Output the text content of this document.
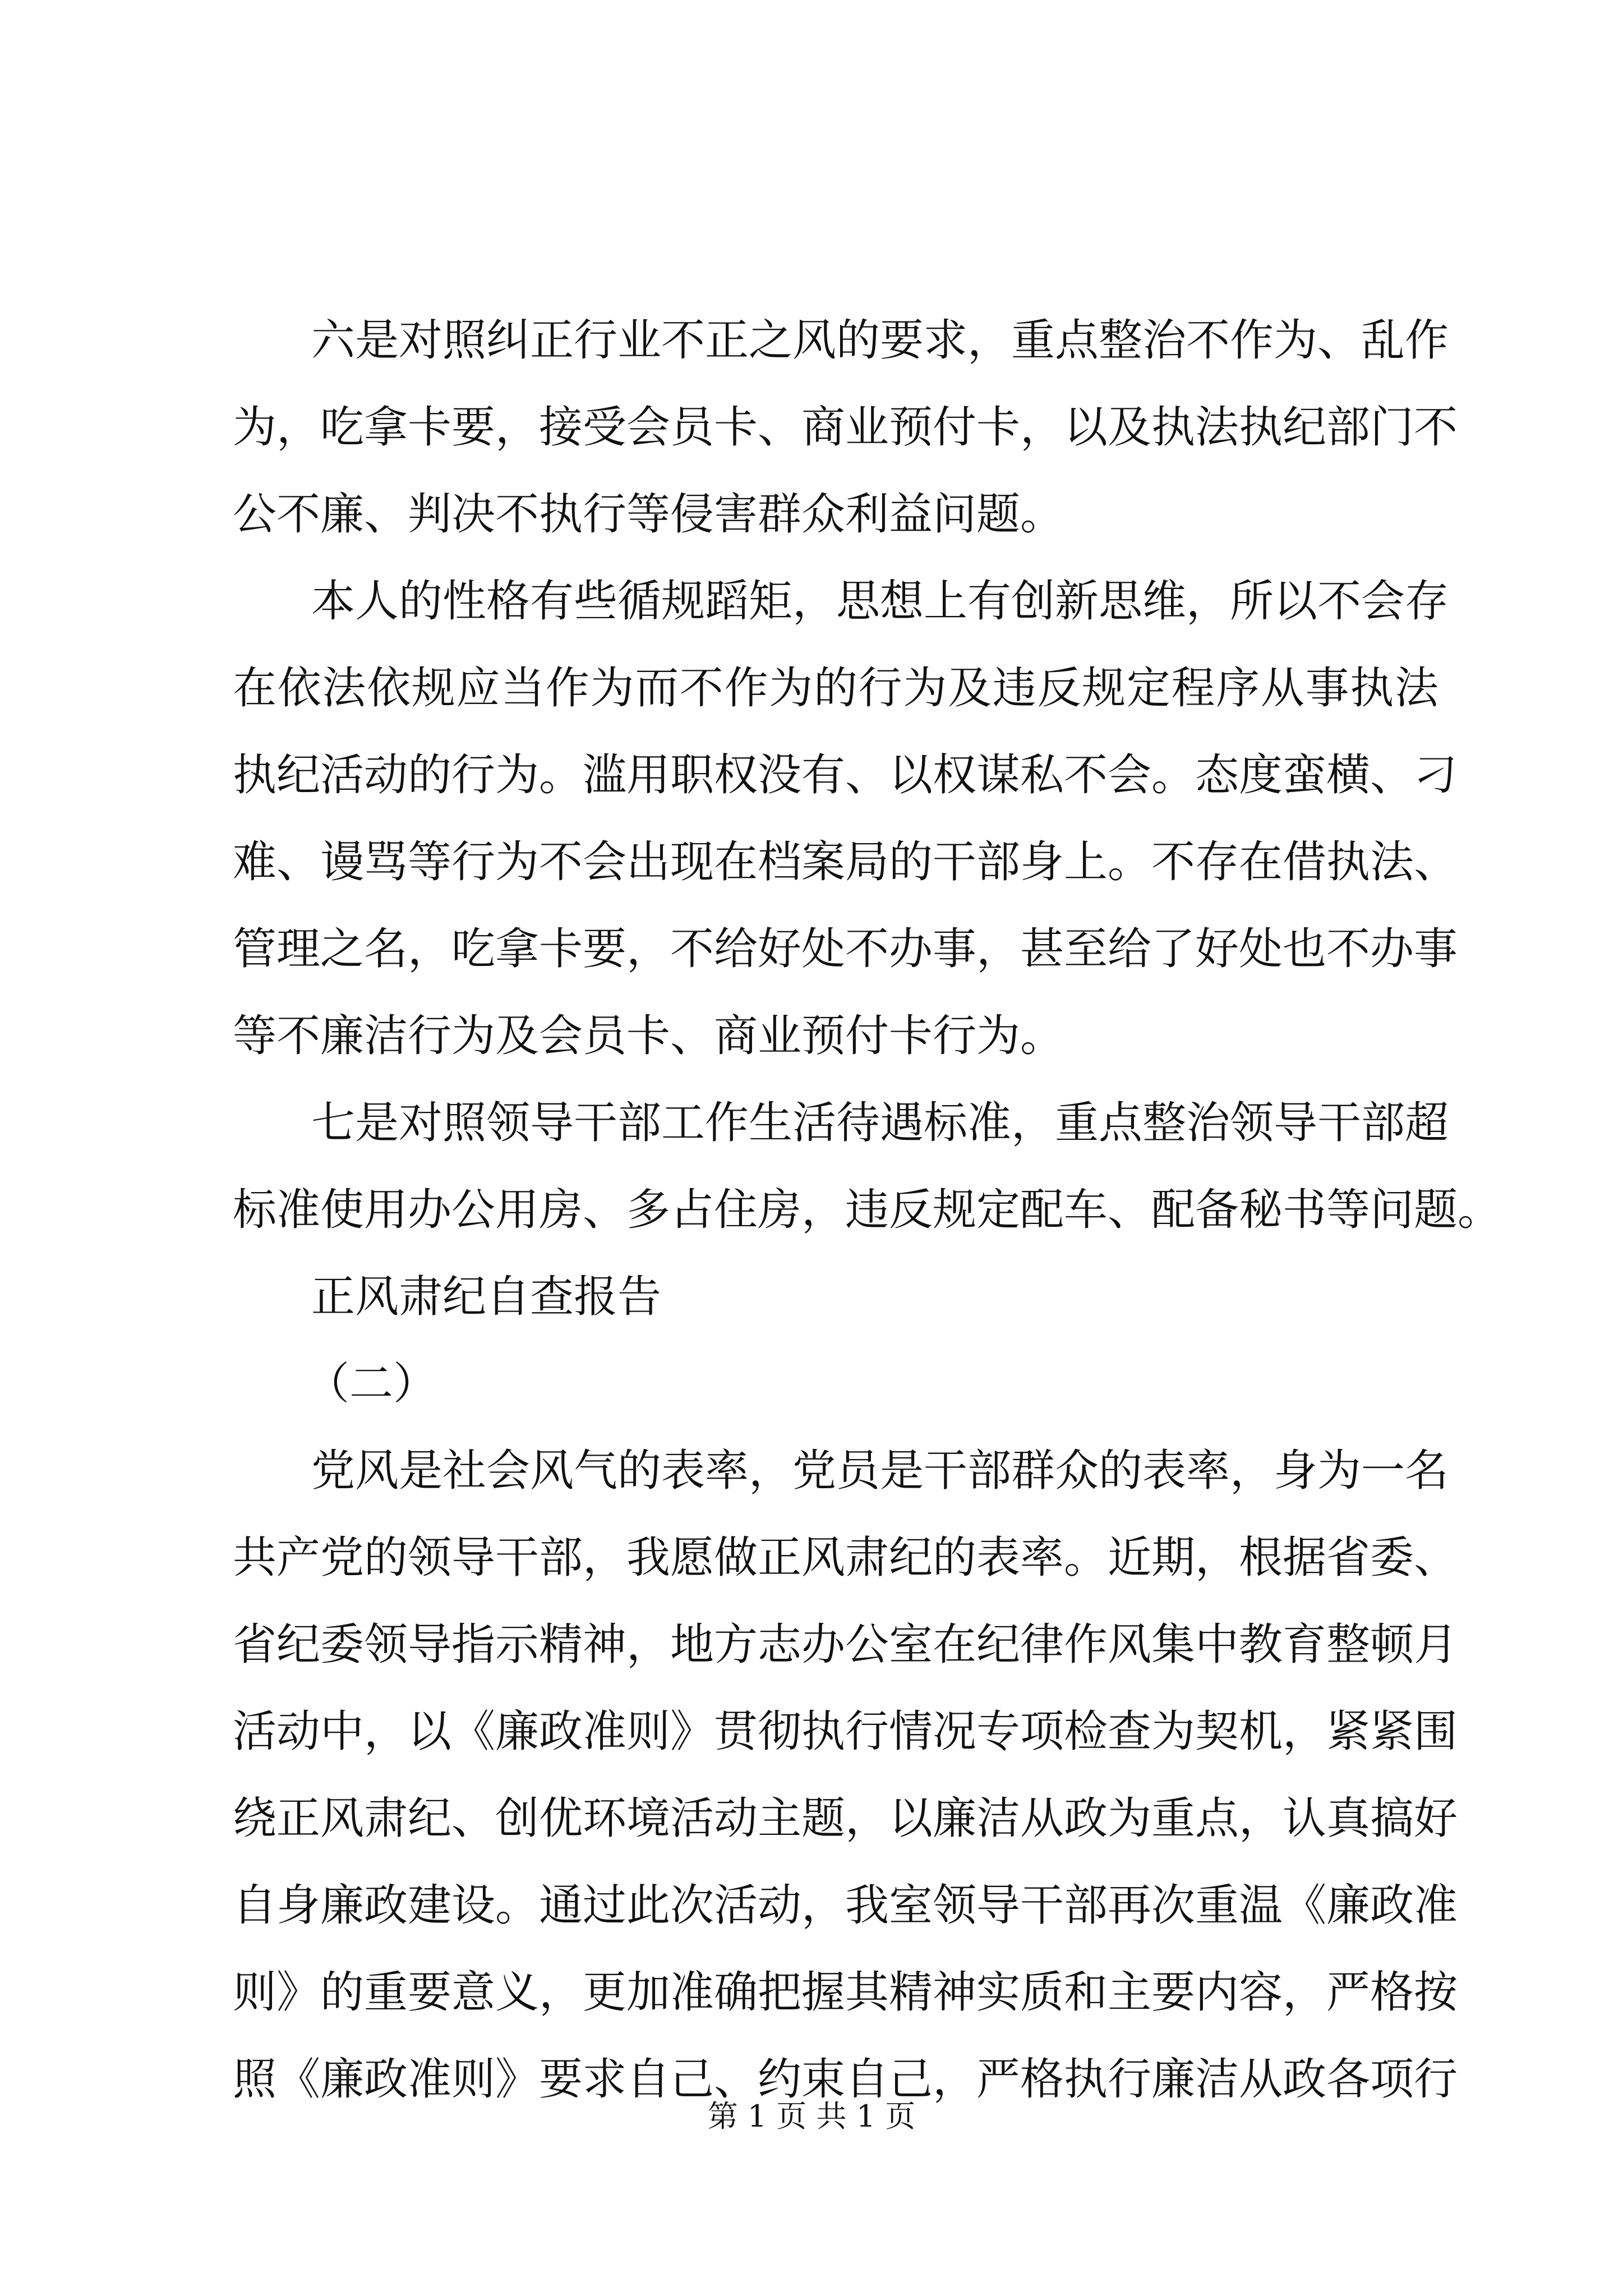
六是对照纠正行业不正之风的要求，重点整治不作为、乱作
为，吃拿卡要，接受会员卡、商业预付卡，以及执法执纪部门不
公不廉、判决不执行等侵害群众利益问题。
本人的性格有些循规蹈矩，思想上有创新思维，所以不会存
在依法依规应当作为而不作为的行为及违反规定程序从事执法
执纪活动的行为。滥用职权没有、以权谋私不会。态度蛮横、刁
难、谩骂等行为不会出现在档案局的干部身上。不存在借执法、
管理之名，吃拿卡要，不给好处不办事，甚至给了好处也不办事
等不廉洁行为及会员卡、商业预付卡行为。
七是对照领导干部工作生活待遇标准，重点整治领导干部超
标准使用办公用房、多占住房，违反规定配车、配备秘书等问题。
正风肃纪自查报告
（二）
党风是社会风气的表率，党员是干部群众的表率，身为一名
共产党的领导干部，我愿做正风肃纪的表率。近期，根据省委、
省纪委领导指示精神，地方志办公室在纪律作风集中教育整顿月
活动中，以《廉政准则》贯彻执行情况专项检查为契机，紧紧围
绕正风肃纪、创优环境活动主题，以廉洁从政为重点，认真搞好
自身廉政建设。通过此次活动，我室领导干部再次重温《廉政准
则》的重要意义，更加准确把握其精神实质和主要内容，严格按
照《廉政准则》要求自己、约束自己，严格执行廉洁从政各项行
第 1 页 共 1 页
